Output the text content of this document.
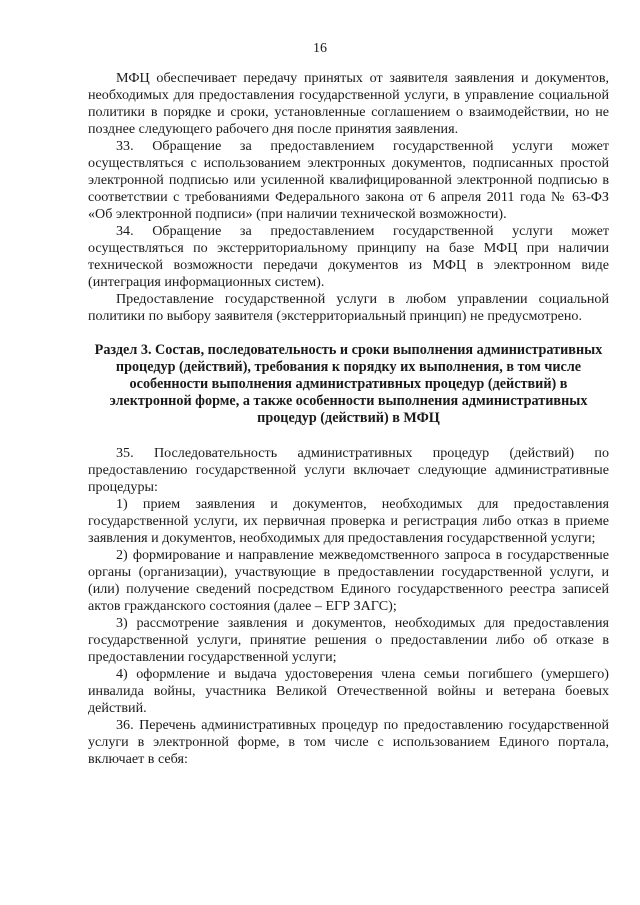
16

МФЦ обеспечивает передачу принятых от заявителя заявления и документов, необходимых для предоставления государственной услуги, в управление социальной политики в порядке и сроки, установленные соглашением о взаимодействии, но не позднее следующего рабочего дня после принятия заявления.

33. Обращение за предоставлением государственной услуги может осуществляться с использованием электронных документов, подписанных простой электронной подписью или усиленной квалифицированной электронной подписью в соответствии с требованиями Федерального закона от 6 апреля 2011 года № 63-ФЗ «Об электронной подписи» (при наличии технической возможности).

34. Обращение за предоставлением государственной услуги может осуществляться по экстерриториальному принципу на базе МФЦ при наличии технической возможности передачи документов из МФЦ в электронном виде (интеграция информационных систем).

Предоставление государственной услуги в любом управлении социальной политики по выбору заявителя (экстерриториальный принцип) не предусмотрено.

Раздел 3. Состав, последовательность и сроки выполнения административных процедур (действий), требования к порядку их выполнения, в том числе особенности выполнения административных процедур (действий) в электронной форме, а также особенности выполнения административных процедур (действий) в МФЦ

35. Последовательность административных процедур (действий) по предоставлению государственной услуги включает следующие административные процедуры:

1) прием заявления и документов, необходимых для предоставления государственной услуги, их первичная проверка и регистрация либо отказ в приеме заявления и документов, необходимых для предоставления государственной услуги;

2) формирование и направление межведомственного запроса в государственные органы (организации), участвующие в предоставлении государственной услуги, и (или) получение сведений посредством Единого государственного реестра записей актов гражданского состояния (далее – ЕГР ЗАГС);

3) рассмотрение заявления и документов, необходимых для предоставления государственной услуги, принятие решения о предоставлении либо об отказе в предоставлении государственной услуги;

4) оформление и выдача удостоверения члена семьи погибшего (умершего) инвалида войны, участника Великой Отечественной войны и ветерана боевых действий.

36. Перечень административных процедур по предоставлению государственной услуги в электронной форме, в том числе с использованием Единого портала, включает в себя:
